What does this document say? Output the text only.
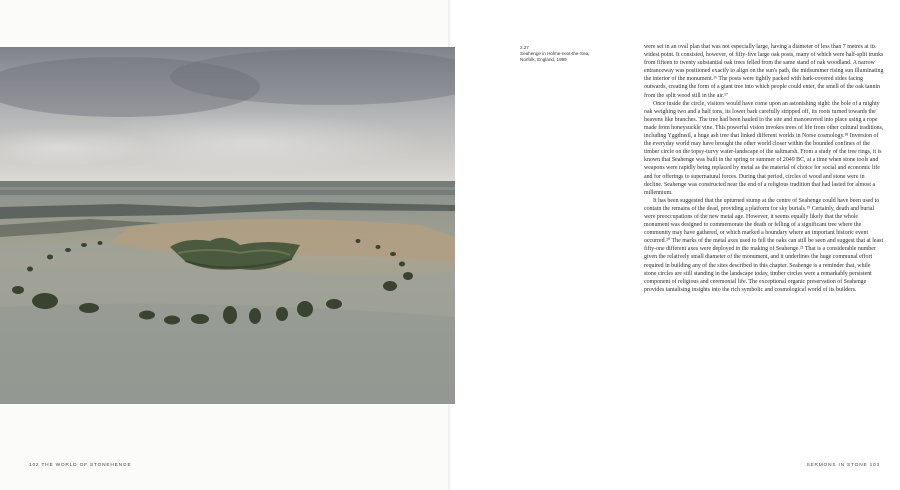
2.27
Seahenge in Holme-next-the-Sea, Norfolk, England, 1999

were set in an oval plan that was not especially large, having a diameter of less than 7 metres at its widest point. It consisted, however, of fifty-five large oak posts, many of which were half-split trunks from fifteen to twenty substantial oak trees felled from the same stand of oak woodland. A narrow entranceway was positioned exactly to align on the sun's path, the midsummer rising sun illuminating the interior of the monument.¹⁶ The posts were tightly packed with bark-covered sides facing outwards, creating the form of a giant tree into which people could enter, the smell of the oak tannin from the split wood still in the air.¹⁷

Once inside the circle, visitors would have come upon an astonishing sight: the bole of a mighty oak weighing two and a half tons, its lower bark carefully stripped off, its roots turned towards the heavens like branches. The tree had been hauled to the site and manoeuvred into place using a rope made from honeysuckle vine. This powerful vision invokes trees of life from other cultural traditions, including Yggdrasil, a huge ash tree that linked different worlds in Norse cosmology.¹⁸ Inversion of the everyday world may have brought the other world closer within the bounded confines of the timber circle on the topsy-turvy water-landscape of the saltmarsh. From a study of the tree rings, it is known that Seahenge was built in the spring or summer of 2049 BC, at a time when stone tools and weapons were rapidly being replaced by metal as the material of choice for social and economic life and for offerings to supernatural forces. During that period, circles of wood and stone were in decline. Seahenge was constructed near the end of a religious tradition that had lasted for almost a millennium.

It has been suggested that the upturned stump at the centre of Seahenge could have been used to contain the remains of the dead, providing a platform for sky burials.¹⁹ Certainly, death and burial were preoccupations of the new metal age. However, it seems equally likely that the whole monument was designed to commemorate the death or felling of a significant tree where the community may have gathered, or which marked a boundary where an important historic event occurred.²⁰ The marks of the metal axes used to fell the oaks can still be seen and suggest that at least fifty-one different axes were deployed in the making of Seahenge.²¹ That is a considerable number given the relatively small diameter of the monument, and it underlines the huge communal effort required in building any of the sites described in this chapter. Seahenge is a reminder that, while stone circles are still standing in the landscape today, timber circles were a remarkably persistent component of religious and ceremonial life. The exceptional organic preservation of Seahenge provides tantalising insights into the rich symbolic and cosmological world of its builders.

102 THE WORLD OF STONEHENGE	SERMONS IN STONE 103
